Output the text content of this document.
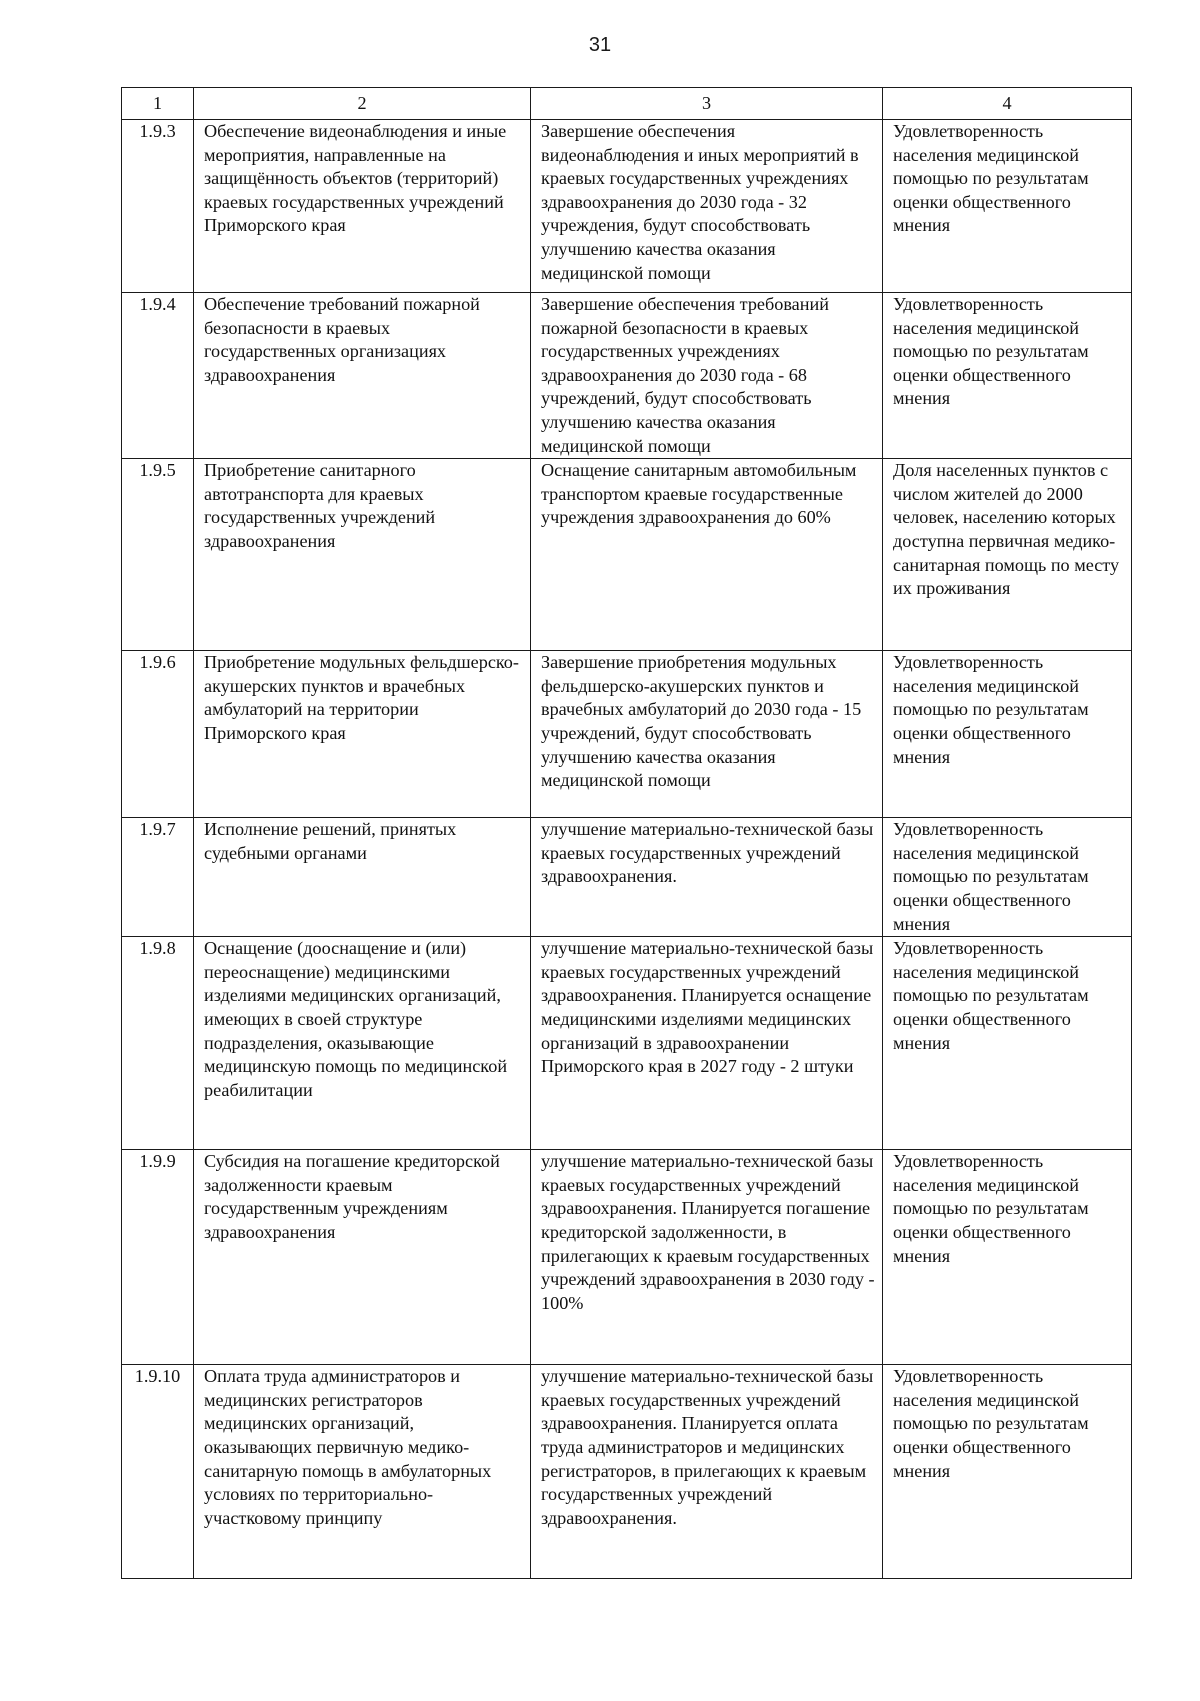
31
1	2	3	4
1.9.3	Обеспечение видеонаблюдения и иные мероприятия, направленные на защищённость объектов (территорий) краевых государственных учреждений Приморского края	Завершение обеспечения видеонаблюдения и иных мероприятий в краевых государственных учреждениях здравоохранения до 2030 года - 32 учреждения, будут способствовать улучшению качества оказания медицинской помощи	Удовлетворенность населения медицинской помощью по результатам оценки общественного мнения
1.9.4	Обеспечение требований пожарной безопасности в краевых государственных организациях здравоохранения	Завершение обеспечения требований пожарной безопасности в краевых государственных учреждениях здравоохранения до 2030 года - 68 учреждений, будут способствовать улучшению качества оказания медицинской помощи	Удовлетворенность населения медицинской помощью по результатам оценки общественного мнения
1.9.5	Приобретение санитарного автотранспорта для краевых государственных учреждений здравоохранения	Оснащение санитарным автомобильным транспортом краевые государственные учреждения здравоохранения до 60%	Доля населенных пунктов с числом жителей до 2000 человек, населению которых доступна первичная медико-санитарная помощь по месту их проживания
1.9.6	Приобретение модульных фельдшерско-акушерских пунктов и врачебных амбулаторий на территории Приморского края	Завершение приобретения модульных фельдшерско-акушерских пунктов и врачебных амбулаторий до 2030 года - 15 учреждений, будут способствовать улучшению качества оказания медицинской помощи	Удовлетворенность населения медицинской помощью по результатам оценки общественного мнения
1.9.7	Исполнение решений, принятых судебными органами	улучшение материально-технической базы краевых государственных учреждений здравоохранения.	Удовлетворенность населения медицинской помощью по результатам оценки общественного мнения
1.9.8	Оснащение (дооснащение и (или) переоснащение) медицинскими изделиями медицинских организаций, имеющих в своей структуре подразделения, оказывающие медицинскую помощь по медицинской реабилитации	улучшение материально-технической базы краевых государственных учреждений здравоохранения. Планируется оснащение медицинскими изделиями медицинских организаций в здравоохранении Приморского края в 2027 году - 2 штуки	Удовлетворенность населения медицинской помощью по результатам оценки общественного мнения
1.9.9	Субсидия на погашение кредиторской задолженности краевым государственным учреждениям здравоохранения	улучшение материально-технической базы краевых государственных учреждений здравоохранения. Планируется погашение кредиторской задолженности, в прилегающих к краевым государственных учреждений здравоохранения в 2030 году - 100%	Удовлетворенность населения медицинской помощью по результатам оценки общественного мнения
1.9.10	Оплата труда администраторов и медицинских регистраторов медицинских организаций, оказывающих первичную медико-санитарную помощь в амбулаторных условиях по территориально-участковому принципу	улучшение материально-технической базы краевых государственных учреждений здравоохранения. Планируется оплата труда администраторов и медицинских регистраторов, в прилегающих к краевым государственных учреждений здравоохранения.	Удовлетворенность населения медицинской помощью по результатам оценки общественного мнения
